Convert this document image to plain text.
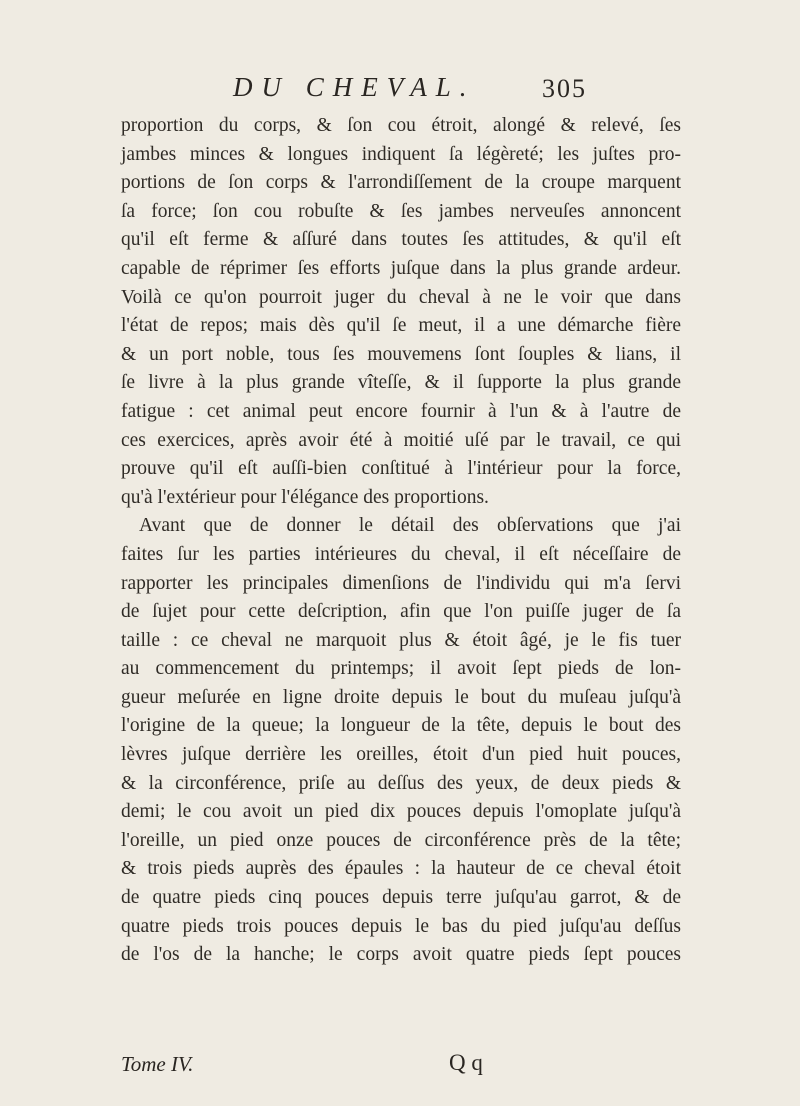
DU CHEVAL.	305
proportion du corps, & ſon cou étroit, alongé & relevé, ſes
jambes minces & longues indiquent ſa légèreté; les juſtes pro-
portions de ſon corps & l'arrondiſſement de la croupe marquent
ſa force; ſon cou robuſte & ſes jambes nerveuſes annoncent
qu'il eſt ferme & aſſuré dans toutes ſes attitudes, & qu'il eſt
capable de réprimer ſes efforts juſque dans la plus grande ardeur.
Voilà ce qu'on pourroit juger du cheval à ne le voir que dans
l'état de repos; mais dès qu'il ſe meut, il a une démarche fière
& un port noble, tous ſes mouvemens ſont ſouples & lians, il
ſe livre à la plus grande vîteſſe, & il ſupporte la plus grande
fatigue : cet animal peut encore fournir à l'un & à l'autre de
ces exercices, après avoir été à moitié uſé par le travail, ce qui
prouve qu'il eſt auſſi-bien conſtitué à l'intérieur pour la force,
qu'à l'extérieur pour l'élégance des proportions.
Avant que de donner le détail des obſervations que j'ai
faites ſur les parties intérieures du cheval, il eſt néceſſaire de
rapporter les principales dimenſions de l'individu qui m'a ſervi
de ſujet pour cette deſcription, afin que l'on puiſſe juger de ſa
taille : ce cheval ne marquoit plus & étoit âgé, je le fis tuer
au commencement du printemps; il avoit ſept pieds de lon-
gueur meſurée en ligne droite depuis le bout du muſeau juſqu'à
l'origine de la queue; la longueur de la tête, depuis le bout des
lèvres juſque derrière les oreilles, étoit d'un pied huit pouces,
& la circonférence, priſe au deſſus des yeux, de deux pieds &
demi; le cou avoit un pied dix pouces depuis l'omoplate juſqu'à
l'oreille, un pied onze pouces de circonférence près de la tête;
& trois pieds auprès des épaules : la hauteur de ce cheval étoit
de quatre pieds cinq pouces depuis terre juſqu'au garrot, & de
quatre pieds trois pouces depuis le bas du pied juſqu'au deſſus
de l'os de la hanche; le corps avoit quatre pieds ſept pouces
Tome IV.	Q q
